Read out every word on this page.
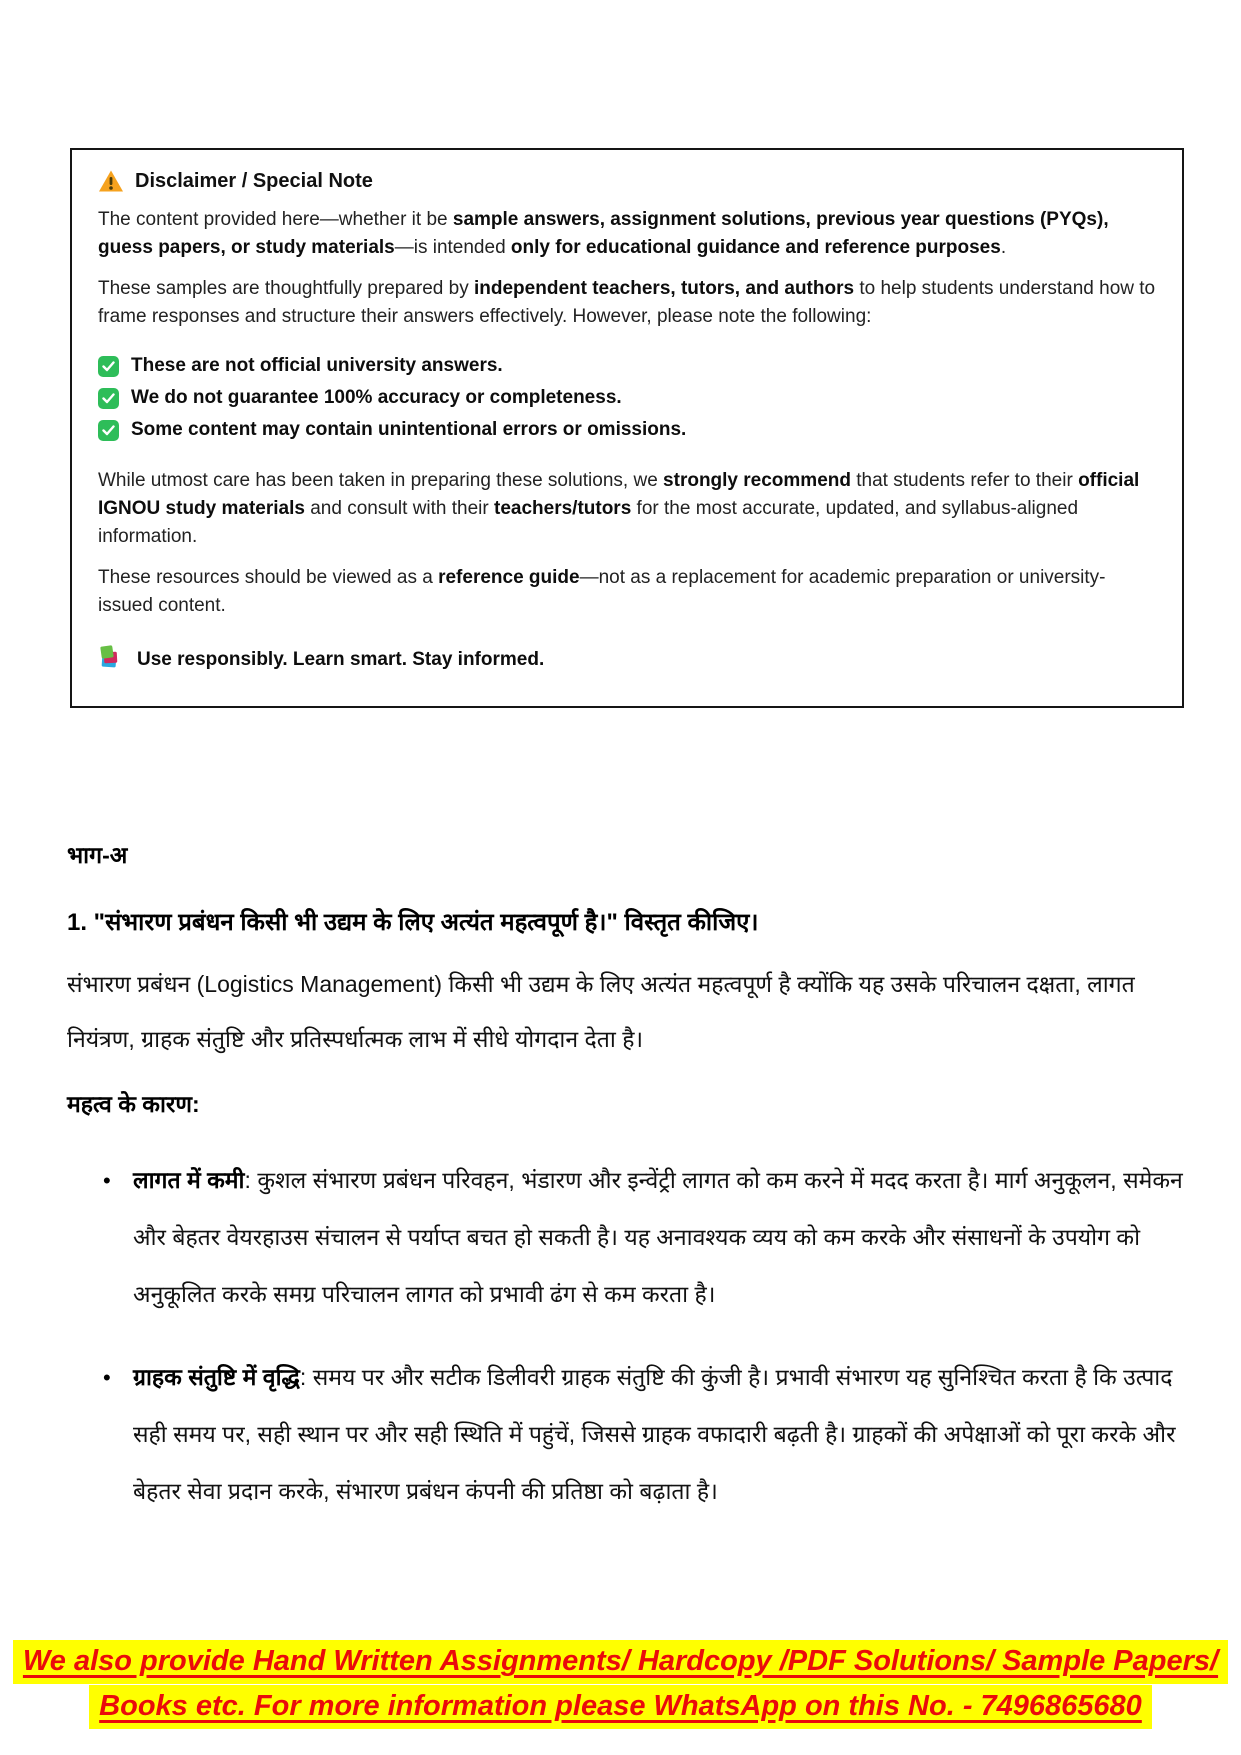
Disclaimer / Special Note

The content provided here—whether it be sample answers, assignment solutions, previous year questions (PYQs), guess papers, or study materials—is intended only for educational guidance and reference purposes.

These samples are thoughtfully prepared by independent teachers, tutors, and authors to help students understand how to frame responses and structure their answers effectively. However, please note the following:

These are not official university answers.
We do not guarantee 100% accuracy or completeness.
Some content may contain unintentional errors or omissions.

While utmost care has been taken in preparing these solutions, we strongly recommend that students refer to their official IGNOU study materials and consult with their teachers/tutors for the most accurate, updated, and syllabus-aligned information.

These resources should be viewed as a reference guide—not as a replacement for academic preparation or university-issued content.

Use responsibly. Learn smart. Stay informed.
भाग-अ
1. "संभारण प्रबंधन किसी भी उद्यम के लिए अत्यंत महत्वपूर्ण है।" विस्तृत कीजिए।

संभारण प्रबंधन (Logistics Management) किसी भी उद्यम के लिए अत्यंत महत्वपूर्ण है क्योंकि यह उसके परिचालन दक्षता, लागत नियंत्रण, ग्राहक संतुष्टि और प्रतिस्पर्धात्मक लाभ में सीधे योगदान देता है।

महत्व के कारण:
• लागत में कमी: कुशल संभारण प्रबंधन परिवहन, भंडारण और इन्वेंट्री लागत को कम करने में मदद करता है। मार्ग अनुकूलन, समेकन और बेहतर वेयरहाउस संचालन से पर्याप्त बचत हो सकती है। यह अनावश्यक व्यय को कम करके और संसाधनों के उपयोग को अनुकूलित करके समग्र परिचालन लागत को प्रभावी ढंग से कम करता है।
• ग्राहक संतुष्टि में वृद्धि: समय पर और सटीक डिलीवरी ग्राहक संतुष्टि की कुंजी है। प्रभावी संभारण यह सुनिश्चित करता है कि उत्पाद सही समय पर, सही स्थान पर और सही स्थिति में पहुंचें, जिससे ग्राहक वफादारी बढ़ती है। ग्राहकों की अपेक्षाओं को पूरा करके और बेहतर सेवा प्रदान करके, संभारण प्रबंधन कंपनी की प्रतिष्ठा को बढ़ाता है।
We also provide Hand Written Assignments/ Hardcopy /PDF Solutions/ Sample Papers/
Books etc. For more information please WhatsApp on this No. - 7496865680
